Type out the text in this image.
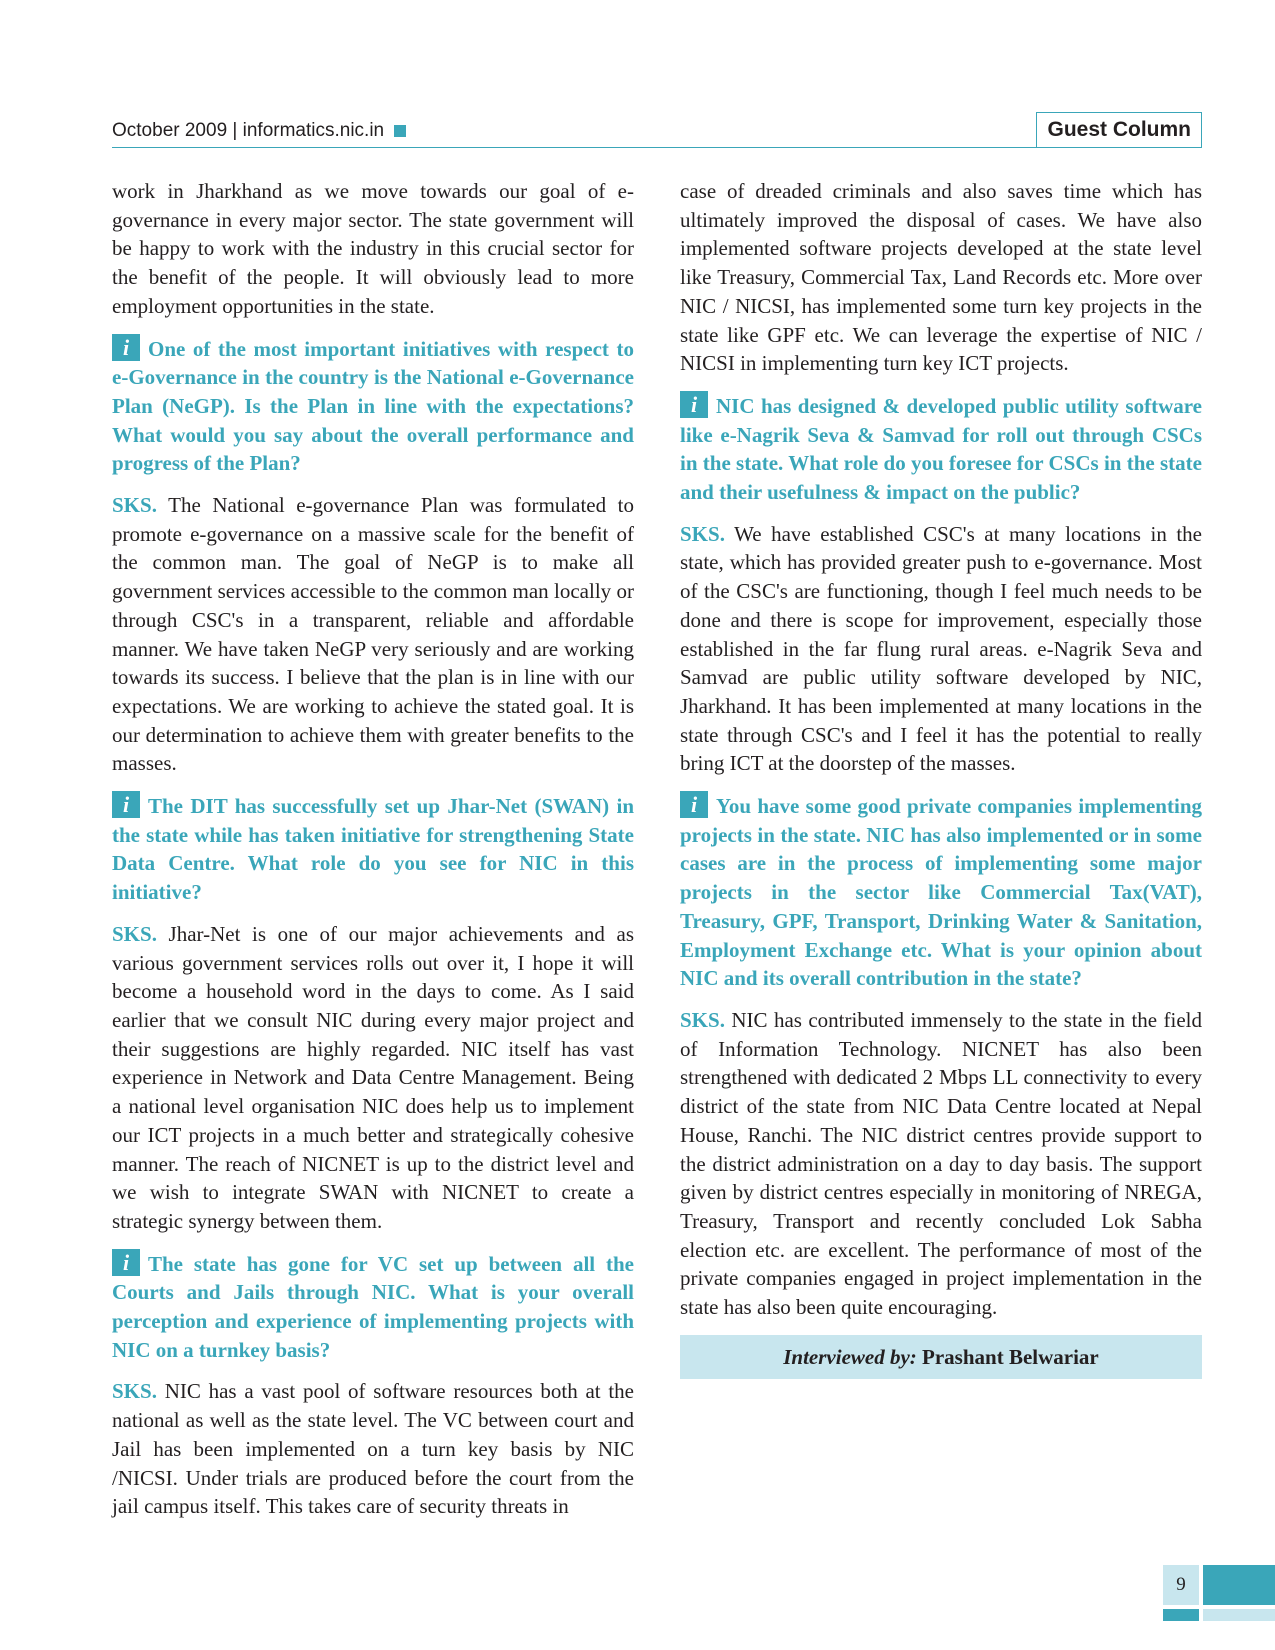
October 2009 | informatics.nic.in	Guest Column

work in Jharkhand as we move towards our goal of e-governance in every major sector. The state government will be happy to work with the industry in this crucial sector for the benefit of the people. It will obviously lead to more employment opportunities in the state.

i One of the most important initiatives with respect to e-Governance in the country is the National e-Governance Plan (NeGP). Is the Plan in line with the expectations? What would you say about the overall performance and progress of the Plan?

SKS. The National e-governance Plan was formulated to promote e-governance on a massive scale for the benefit of the common man. The goal of NeGP is to make all government services accessible to the common man locally or through CSC's in a transparent, reliable and affordable manner. We have taken NeGP very seriously and are working towards its success. I believe that the plan is in line with our expectations. We are working to achieve the stated goal. It is our determination to achieve them with greater benefits to the masses.

i The DIT has successfully set up Jhar-Net (SWAN) in the state while has taken initiative for strengthening State Data Centre. What role do you see for NIC in this initiative?

SKS. Jhar-Net is one of our major achievements and as various government services rolls out over it, I hope it will become a household word in the days to come. As I said earlier that we consult NIC during every major project and their suggestions are highly regarded. NIC itself has vast experience in Network and Data Centre Management. Being a national level organisation NIC does help us to implement our ICT projects in a much better and strategically cohesive manner. The reach of NICNET is up to the district level and we wish to integrate SWAN with NICNET to create a strategic synergy between them.

i The state has gone for VC set up between all the Courts and Jails through NIC. What is your overall perception and experience of implementing projects with NIC on a turnkey basis?

SKS. NIC has a vast pool of software resources both at the national as well as the state level. The VC between court and Jail has been implemented on a turn key basis by NIC /NICSI. Under trials are produced before the court from the jail campus itself. This takes care of security threats in

case of dreaded criminals and also saves time which has ultimately improved the disposal of cases. We have also implemented software projects developed at the state level like Treasury, Commercial Tax, Land Records etc. More over NIC / NICSI, has implemented some turn key projects in the state like GPF etc. We can leverage the expertise of NIC / NICSI in implementing turn key ICT projects.

i NIC has designed & developed public utility software like e-Nagrik Seva & Samvad for roll out through CSCs in the state. What role do you foresee for CSCs in the state and their usefulness & impact on the public?

SKS. We have established CSC's at many locations in the state, which has provided greater push to e-governance. Most of the CSC's are functioning, though I feel much needs to be done and there is scope for improvement, especially those established in the far flung rural areas. e-Nagrik Seva and Samvad are public utility software developed by NIC, Jharkhand. It has been implemented at many locations in the state through CSC's and I feel it has the potential to really bring ICT at the doorstep of the masses.

i You have some good private companies implementing projects in the state. NIC has also implemented or in some cases are in the process of implementing some major projects in the sector like Commercial Tax(VAT), Treasury, GPF, Transport, Drinking Water & Sanitation, Employment Exchange etc. What is your opinion about NIC and its overall contribution in the state?

SKS. NIC has contributed immensely to the state in the field of Information Technology. NICNET has also been strengthened with dedicated 2 Mbps LL connectivity to every district of the state from NIC Data Centre located at Nepal House, Ranchi. The NIC district centres provide support to the district administration on a day to day basis. The support given by district centres especially in monitoring of NREGA, Treasury, Transport and recently concluded Lok Sabha election etc. are excellent. The performance of most of the private companies engaged in project implementation in the state has also been quite encouraging.

Interviewed by: Prashant Belwariar
9
